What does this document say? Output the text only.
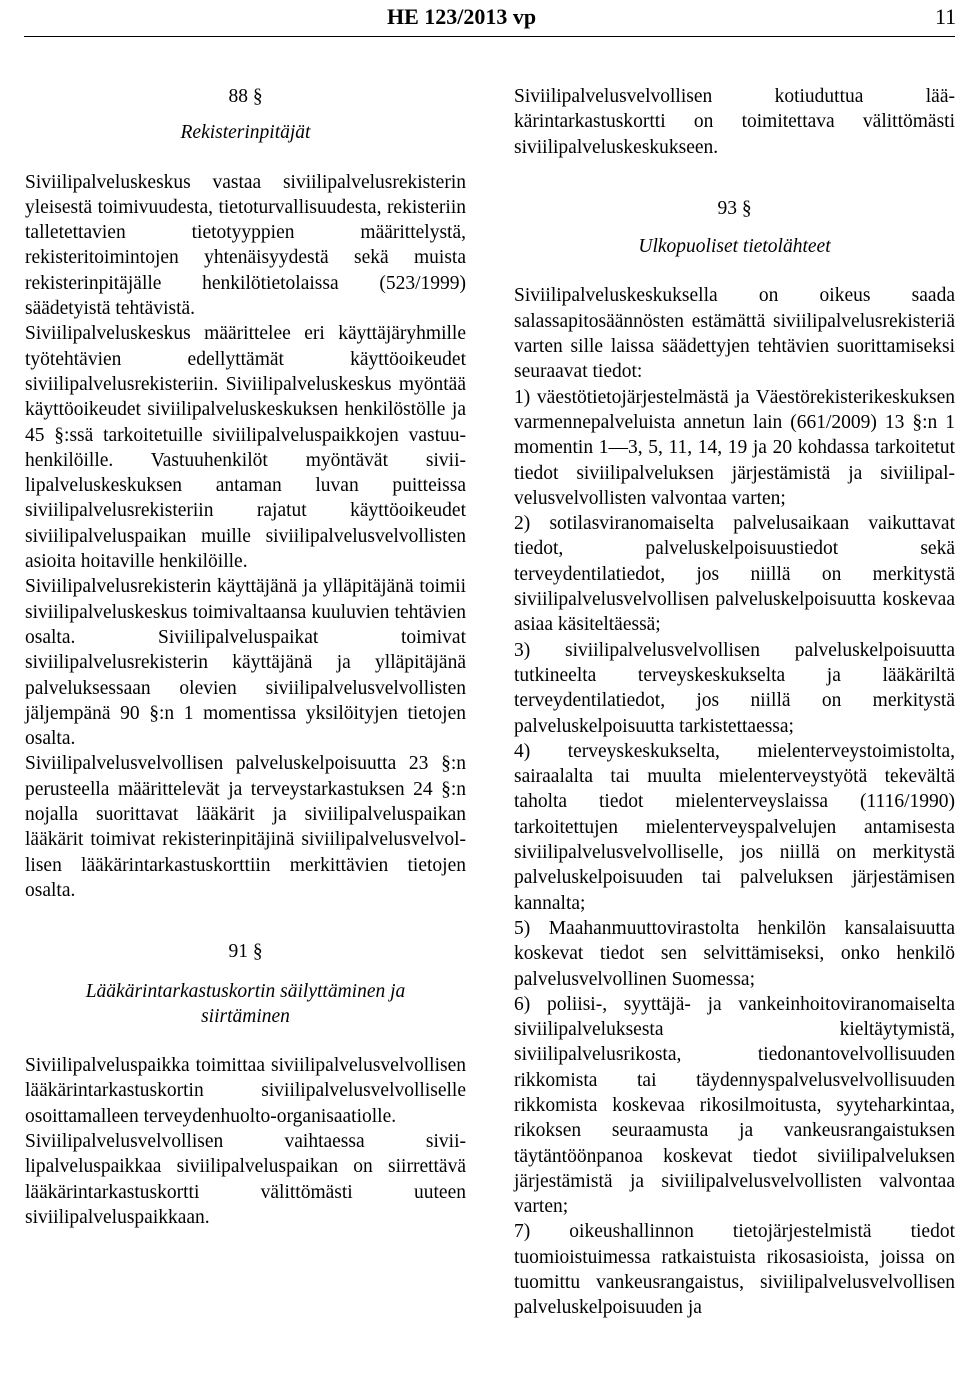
HE 123/2013 vp	11

88 §

Rekisterinpitäjät

Siviilipalveluskeskus vastaa siviilipalvelusrekisterin yleisestä toimivuudesta, tietoturvallisuudesta, rekisteriin talletettavien tietotyyppien määrittelystä, rekisteritoimintojen yhtenäisyydestä sekä muista rekisterinpitäjälle henkilötietolaissa (523/1999) säädetyistä tehtävistä.

Siviilipalveluskeskus määrittelee eri käyttäjäryhmille työtehtävien edellyttämät käyttöoikeudet siviilipalvelusrekisteriin. Siviilipalveluskeskus myöntää käyttöoikeudet siviilipalveluskeskuksen henkilöstölle ja 45 §:ssä tarkoitetuille siviilipalveluspaikkojen vastuuhenkilöille. Vastuuhenkilöt myöntävät siviilipalveluskeskuksen antaman luvan puitteissa siviilipalvelusrekisteriin rajatut käyttöoikeudet siviilipalveluspaikan muille siviilipalvelusvelvollisten asioita hoitaville henkilöille.

Siviilipalvelusrekisterin käyttäjänä ja ylläpitäjänä toimii siviilipalveluskeskus toimivaltaansa kuuluvien tehtävien osalta. Siviilipalveluspaikat toimivat siviilipalvelusrekisterin käyttäjänä ja ylläpitäjänä palveluksessaan olevien siviilipalvelusvelvollisten jäljempänä 90 §:n 1 momentissa yksilöityjen tietojen osalta.

Siviilipalvelusvelvollisen palveluskelpoisuutta 23 §:n perusteella määrittelevät ja terveystarkastuksen 24 §:n nojalla suorittavat lääkärit ja siviilipalveluspaikan lääkärit toimivat rekisterinpitäjinä siviilipalvelusvelvollisen lääkärintarkastuskorttiin merkittävien tietojen osalta.

91 §

Lääkärintarkastuskortin säilyttäminen ja siirtäminen

Siviilipalveluspaikka toimittaa siviilipalvelusvelvollisen lääkärintarkastuskortin siviilipalvelusvelvolliselle osoittamalleen terveydenhuolto-organisaatiolle.

Siviilipalvelusvelvollisen vaihtaessa siviilipalveluspaikkaa siviilipalveluspaikan on siirrettävä lääkärintarkastuskortti välittömästi uuteen siviilipalveluspaikkaan.

Siviilipalvelusvelvollisen kotiuduttua lääkärintarkastuskortti on toimitettava välittömästi siviilipalveluskeskukseen.

93 §

Ulkopuoliset tietolähteet

Siviilipalveluskeskuksella on oikeus saada salassapitosäännösten estämättä siviilipalvelusrekisteriä varten sille laissa säädettyjen tehtävien suorittamiseksi seuraavat tiedot:

1) väestötietojärjestelmästä ja Väestörekisterikeskuksen varmennepalveluista annetun lain (661/2009) 13 §:n 1 momentin 1—3, 5, 11, 14, 19 ja 20 kohdassa tarkoitetut tiedot siviilipalveluksen järjestämistä ja siviilipalvelusvelvollisten valvontaa varten;

2) sotilasviranomaiselta palvelusaikaan vaikuttavat tiedot, palveluskelpoisuustiedot sekä terveydentilatiedot, jos niillä on merkitystä siviilipalvelusvelvollisen palveluskelpoisuutta koskevaa asiaa käsiteltäessä;

3) siviilipalvelusvelvollisen palveluskelpoisuutta tutkineelta terveyskeskukselta ja lääkäriltä terveydentilatiedot, jos niillä on merkitystä palveluskelpoisuutta tarkistettaessa;

4) terveyskeskukselta, mielenterveystoimistolta, sairaalalta tai muulta mielenterveystyötä tekevältä taholta tiedot mielenterveyslaissa (1116/1990) tarkoitettujen mielenterveyspalvelujen antamisesta siviilipalvelusvelvolliselle, jos niillä on merkitystä palveluskelpoisuuden tai palveluksen järjestämisen kannalta;

5) Maahanmuuttovirastolta henkilön kansalaisuutta koskevat tiedot sen selvittämiseksi, onko henkilö palvelusvelvollinen Suomessa;

6) poliisi-, syyttäjä- ja vankeinhoitoviranomaiselta siviilipalveluksesta kieltäytymistä, siviilipalvelusrikosta, tiedonantovelvollisuuden rikkomista tai täydennyspalvelusvelvollisuuden rikkomista koskevaa rikosilmoitusta, syyteharkintaa, rikoksen seuraamusta ja vankeusrangaistuksen täytäntöönpanoa koskevat tiedot siviilipalveluksen järjestämistä ja siviilipalvelusvelvollisten valvontaa varten;

7) oikeushallinnon tietojärjestelmistä tiedot tuomioistuimessa ratkaistuista rikosasioista, joissa on tuomittu vankeusrangaistus, siviilipalvelusvelvollisen palveluskelpoisuuden ja
